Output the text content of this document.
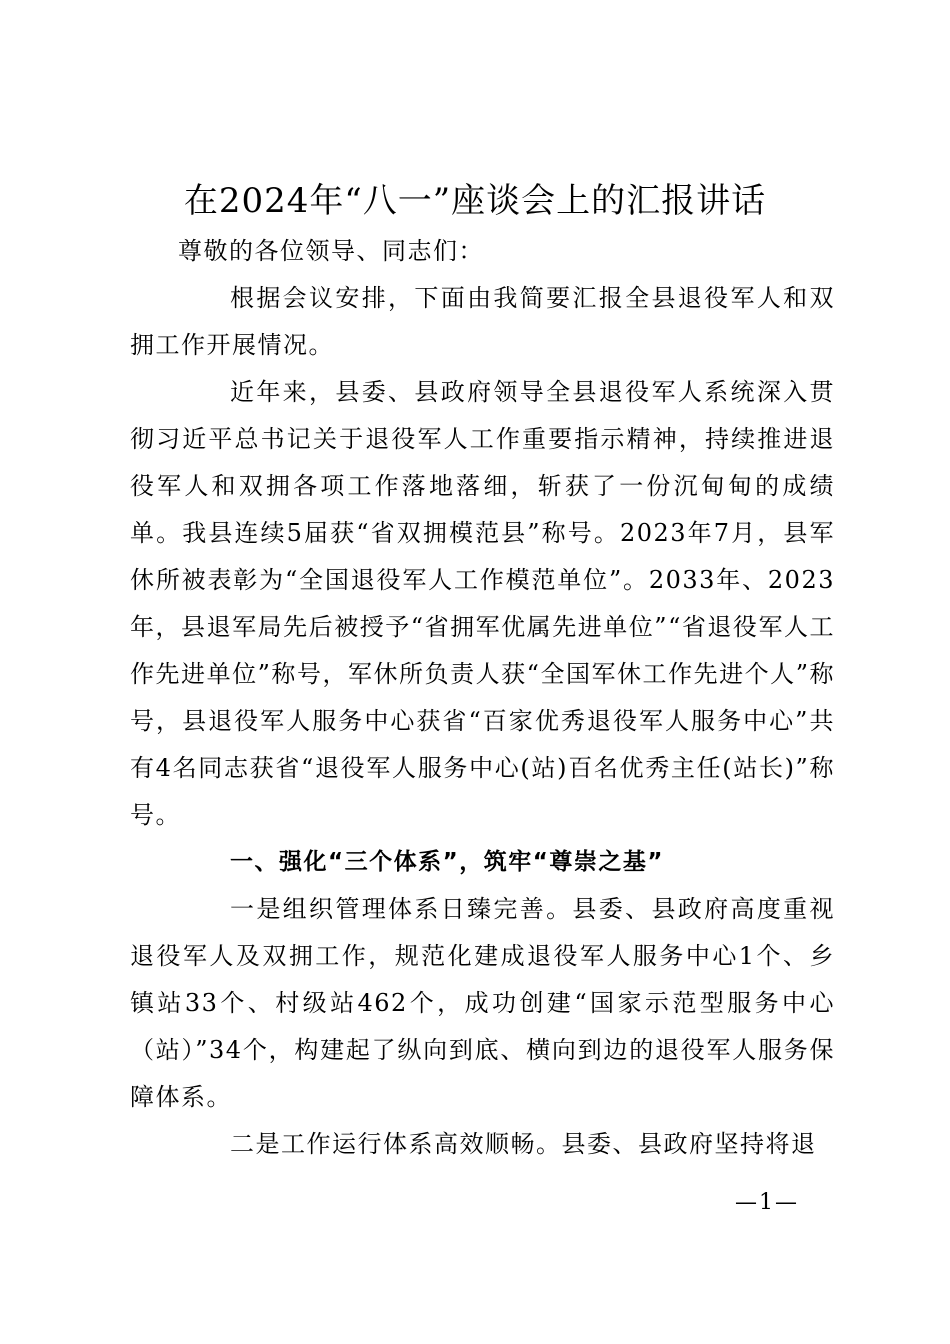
在2024年“八一”座谈会上的汇报讲话

尊敬的各位领导、同志们：

根据会议安排，下面由我简要汇报全县退役军人和双拥工作开展情况。

近年来，县委、县政府领导全县退役军人系统深入贯彻习近平总书记关于退役军人工作重要指示精神，持续推进退役军人和双拥各项工作落地落细，斩获了一份沉甸甸的成绩单。我县连续5届获“省双拥模范县”称号。2023年7月，县军休所被表彰为“全国退役军人工作模范单位”。2033年、2023年，县退军局先后被授予“省拥军优属先进单位”“省退役军人工作先进单位”称号，军休所负责人获“全国军休工作先进个人”称号，县退役军人服务中心获省“百家优秀退役军人服务中心”共有4名同志获省“退役军人服务中心(站)百名优秀主任(站长)”称号。

一、强化“三个体系”，筑牢“尊崇之基”

一是组织管理体系日臻完善。县委、县政府高度重视退役军人及双拥工作，规范化建成退役军人服务中心1个、乡镇站33个、村级站462个，成功创建“国家示范型服务中心（站）”34个，构建起了纵向到底、横向到边的退役军人服务保障体系。

二是工作运行体系高效顺畅。县委、县政府坚持将退

—1—
